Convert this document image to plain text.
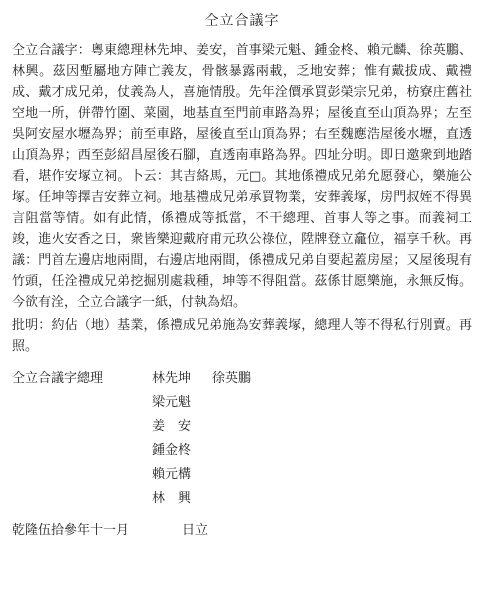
仝立合議字
仝立合議字：粵東總理林先坤、姜安，首事梁元魁、鍾金柊、賴元麟、徐英鵬、林興。茲因塹屬地方陣亡義友，骨骸暴露兩載，乏地安葬；惟有戴拔成、戴禮成、戴才成兄弟，仗義為人，喜施情殷。先年洤價承買彭榮宗兄弟，枋寮庄舊社空地一所，併帶竹圍、菜園，地基直至門前車路為界；屋後直至山頂為界；左至吳阿安屋水壢為界；前至車路，屋後直至山頂為界；右至魏應浩屋後水壢，直透山頂為界；西至彭紹昌屋後石腳，直透南車路為界。四址分明。即日邀衆到地踏看，堪作安塚立祠。卜云：其吉絡馬，元□。其地係禮成兄弟允愿發心，樂施公塚。任坤等擇吉安葬立祠。地基禮成兄弟承買物業，安葬義塚，房門叔姪不得異言阻當等情。如有此情，係禮成等抵當，不干總理、首事人等之事。而義祠工竣，進火安香之日，衆皆樂迎戴府甫元玖公祿位，陞牌登立龕位，福享千秋。再議：門首左邊店地兩間，右邊店地兩間，係禮成兄弟自要起蓋房屋；又屋後現有竹頭，任洤禮成兄弟挖掘別處栽種，坤等不得阻當。茲係甘愿樂施，永無反悔。今欲有洤，仝立合議字一紙，付執為炤。
批明：約佔（地）基業，係禮成兄弟施為安葬義塚，總理人等不得私行別賣。再照。
仝立合議字總理	林先坤	徐英鵬
梁元魁
姜　安
鍾金柊
賴元構
林　興
乾隆伍拾參年十一月	日立
